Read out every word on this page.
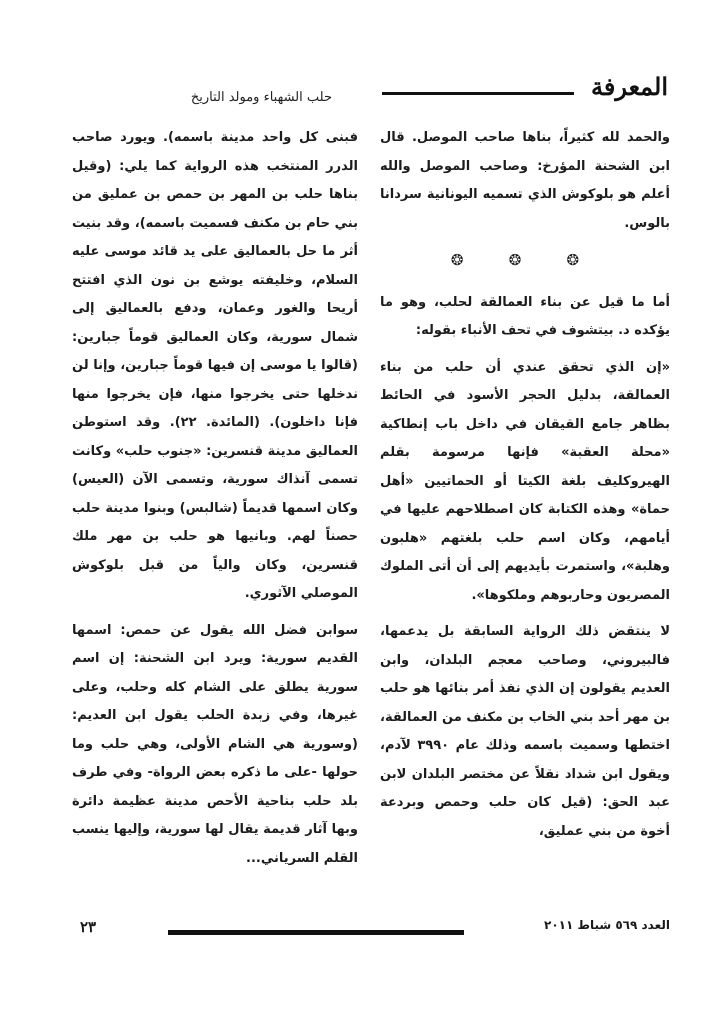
المعرفة
حلب الشهباء ومولد التاريخ

والحمد لله كثيراً، بناها صاحب الموصل. قال ابن الشحنة المؤرخ: وصاحب الموصل والله أعلم هو بلوكوش الذي تسميه اليونانية سردانا بالوس.

❂ ❂ ❂

أما ما قيل عن بناء العمالقة لحلب، وهو ما يؤكده د. بيتشوف في تحف الأنباء بقوله:

«إن الذي تحقق عندي أن حلب من بناء العمالقة، بدليل الحجر الأسود في الحائط بظاهر جامع القيقان في داخل باب إنطاكية «محلة العقبة» فإنها مرسومة بقلم الهيروكليف بلغة الكيتا أو الحماتيين «أهل حماة» وهذه الكتابة كان اصطلاحهم عليها في أيامهم، وكان اسم حلب بلغتهم «هلبون وهلبة»، واستمرت بأيديهم إلى أن أتى الملوك المصريون وحاربوهم وملكوها».

لا ينتقض ذلك الرواية السابقة بل يدعمها، فالبيروني، وصاحب معجم البلدان، وابن العديم يقولون إن الذي نفذ أمر بنائها هو حلب بن مهر أحد بني الخاب بن مكنف من العمالقة، اختطها وسميت باسمه وذلك عام ٣٩٩٠ لآدم، ويقول ابن شداد نقلاً عن مختصر البلدان لابن عبد الحق: (قيل كان حلب وحمص وبردعة أخوة من بني عمليق،

فبنى كل واحد مدينة باسمه). ويورد صاحب الدرر المنتخب هذه الرواية كما يلي: (وقيل بناها حلب بن المهر بن حمص بن عمليق من بني حام بن مكنف فسميت باسمه)، وقد بنيت أثر ما حل بالعماليق على يد قائد موسى عليه السلام، وخليفته يوشع بن نون الذي افتتح أريحا والغور وعمان، ودفع بالعماليق إلى شمال سورية، وكان العماليق قوماً جبارين: (قالوا يا موسى إن فيها قوماً جبارين، وإنا لن ندخلها حتى يخرجوا منها، فإن يخرجوا منها فإنا داخلون). (المائدة. ٢٢). وقد استوطن العماليق مدينة قنسرين: «جنوب حلب» وكانت تسمى آنذاك سورية، وتسمى الآن (العيس) وكان اسمها قديماً (شالبس) وبنوا مدينة حلب حصناً لهم. وبانيها هو حلب بن مهر ملك قنسرين، وكان والياً من قبل بلوكوش الموصلي الآثوري.

سوابن فضل الله يقول عن حمص: اسمها القديم سورية: ويرد ابن الشحنة: إن اسم سورية يطلق على الشام كله وحلب، وعلى غيرها، وفي زبدة الحلب يقول ابن العديم: (وسورية هي الشام الأولى، وهي حلب وما حولها -على ما ذكره بعض الرواة- وفي طرف بلد حلب بناحية الأحص مدينة عظيمة دائرة وبها آثار قديمة يقال لها سورية، وإليها ينسب القلم السرياني...

٢٣	العدد ٥٦٩ شباط ٢٠١١
